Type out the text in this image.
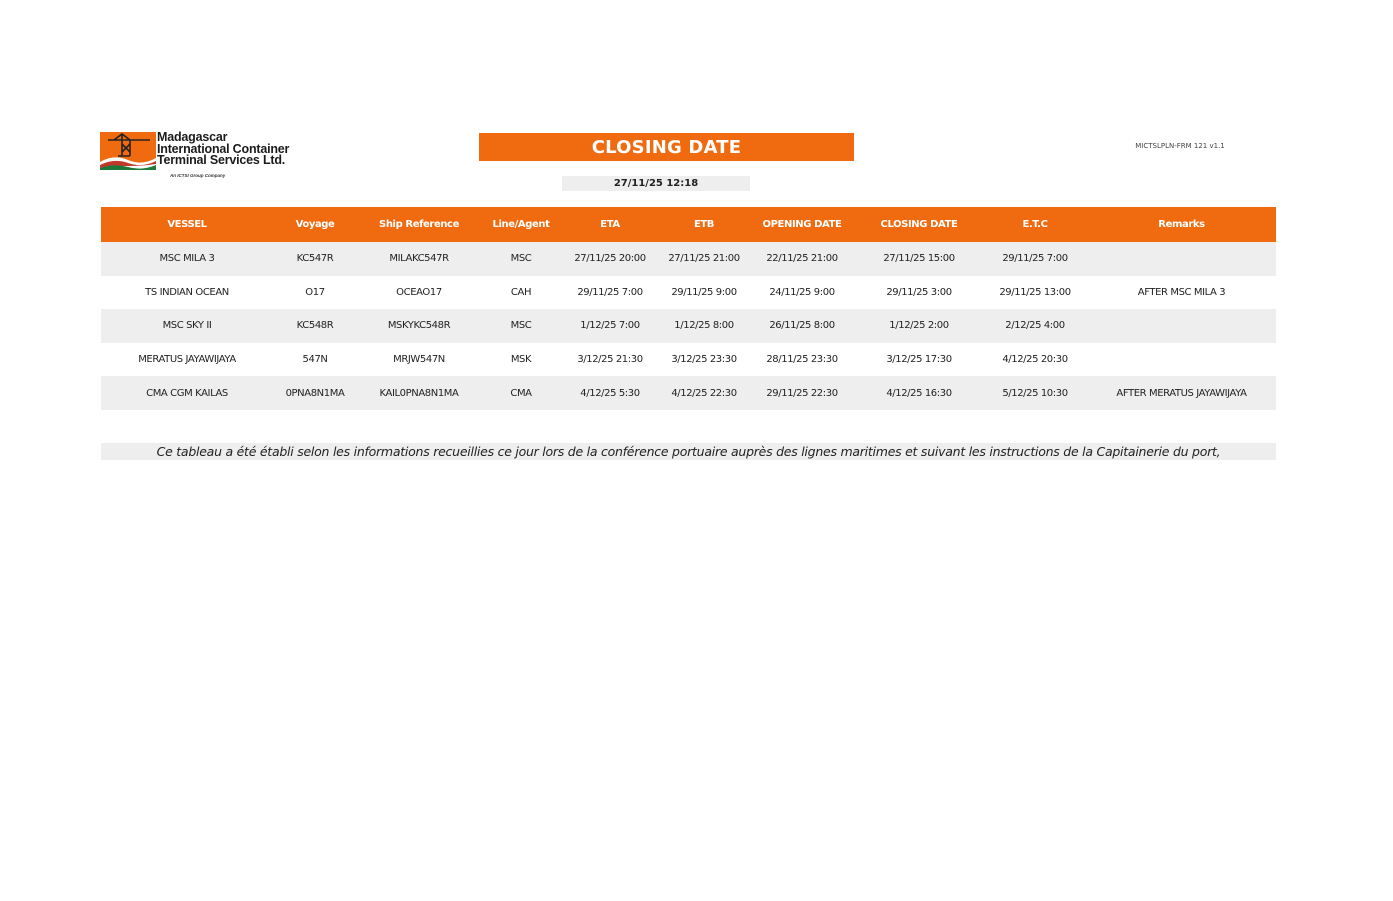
Madagascar
International Container
Terminal Services Ltd.
An ICTSI Group Company
CLOSING DATE
27/11/25 12:18
MICTSLPLN-FRM 121 v1.1
VESSEL	Voyage	Ship Reference	Line/Agent	ETA	ETB	OPENING DATE	CLOSING DATE	E.T.C	Remarks
MSC MILA 3	KC547R	MILAKC547R	MSC	27/11/25 20:00	27/11/25 21:00	22/11/25 21:00	27/11/25 15:00	29/11/25 7:00	
TS INDIAN OCEAN	O17	OCEAO17	CAH	29/11/25 7:00	29/11/25 9:00	24/11/25 9:00	29/11/25 3:00	29/11/25 13:00	AFTER MSC MILA 3
MSC SKY II	KC548R	MSKYKC548R	MSC	1/12/25 7:00	1/12/25 8:00	26/11/25 8:00	1/12/25 2:00	2/12/25 4:00	
MERATUS JAYAWIJAYA	547N	MRJW547N	MSK	3/12/25 21:30	3/12/25 23:30	28/11/25 23:30	3/12/25 17:30	4/12/25 20:30	
CMA CGM KAILAS	0PNA8N1MA	KAIL0PNA8N1MA	CMA	4/12/25 5:30	4/12/25 22:30	29/11/25 22:30	4/12/25 16:30	5/12/25 10:30	AFTER MERATUS JAYAWIJAYA
Ce tableau a été établi selon les informations recueillies ce jour lors de la conférence portuaire auprès des lignes maritimes et suivant les instructions de la Capitainerie du port,
